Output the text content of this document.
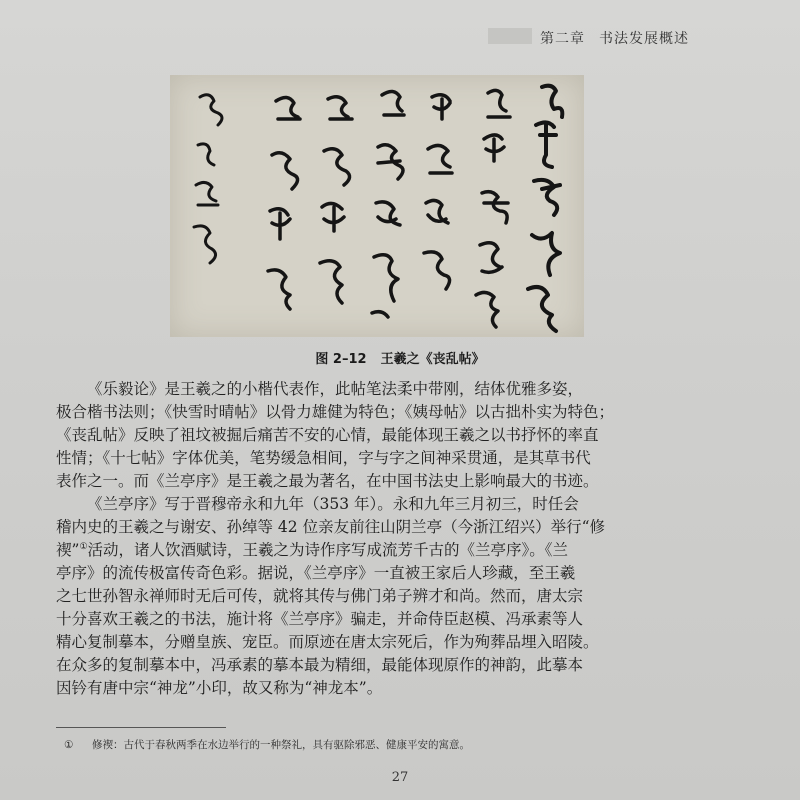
第二章 书法发展概述
图 2–12 王羲之《丧乱帖》
《乐毅论》是王羲之的小楷代表作，此帖笔法柔中带刚，结体优雅多姿，
极合楷书法则；《快雪时晴帖》以骨力雄健为特色；《姨母帖》以古拙朴实为特色；
《丧乱帖》反映了祖坟被掘后痛苦不安的心情，最能体现王羲之以书抒怀的率直
性情；《十七帖》字体优美，笔势缓急相间，字与字之间神采贯通，是其草书代
表作之一。而《兰亭序》是王羲之最为著名，在中国书法史上影响最大的书迹。
《兰亭序》写于晋穆帝永和九年（353 年）。永和九年三月初三，时任会
稽内史的王羲之与谢安、孙绰等 42 位亲友前往山阴兰亭（今浙江绍兴）举行“修
禊”①活动，诸人饮酒赋诗，王羲之为诗作序写成流芳千古的《兰亭序》。《兰
亭序》的流传极富传奇色彩。据说，《兰亭序》一直被王家后人珍藏，至王羲
之七世孙智永禅师时无后可传，就将其传与佛门弟子辨才和尚。然而，唐太宗
十分喜欢王羲之的书法，施计将《兰亭序》骗走，并命侍臣赵模、冯承素等人
精心复制摹本，分赠皇族、宠臣。而原迹在唐太宗死后，作为殉葬品埋入昭陵。
在众多的复制摹本中，冯承素的摹本最为精细，最能体现原作的神韵，此摹本
因钤有唐中宗“神龙”小印，故又称为“神龙本”。
① 修禊：古代于春秋两季在水边举行的一种祭礼，具有驱除邪恶、健康平安的寓意。
27
